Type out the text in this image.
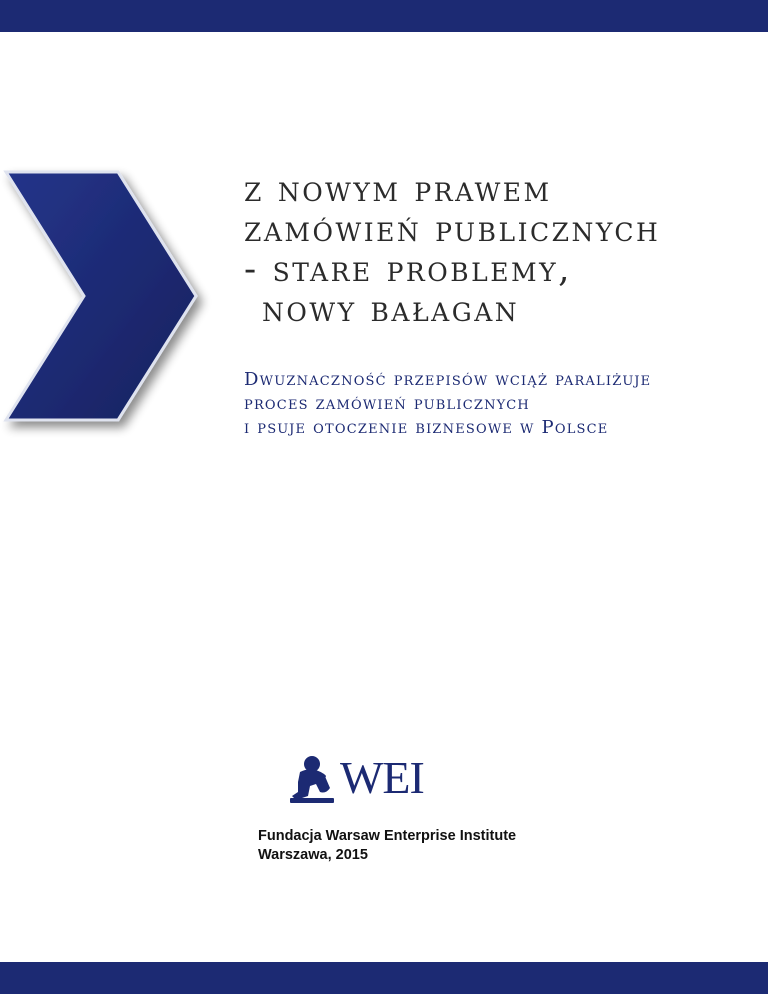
z nowym prawem
zamówień publicznych
- stare problemy,
nowy bałagan
Dwuznaczność przepisów wciąż paraliżuje
proces zamówień publicznych
i psuje otoczenie biznesowe w Polsce
WEI
Fundacja Warsaw Enterprise Institute
Warszawa, 2015
